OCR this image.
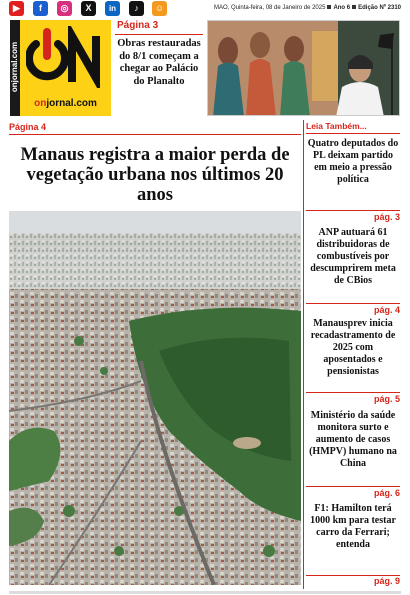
▶	f	◎	X	in	♪	☺	MAO, Quinta-feira, 08 de Janeiro de 2025 Ano 6 Edição Nº 2310
onjornal.com
onjornal.com
Página 3
Obras restauradas do 8/1 começam a chegar ao Palácio do Planalto
Página 4
Manaus registra a maior perda de vegetação urbana nos últimos 20 anos
Leia Também...
Quatro deputados do PL deixam partido em meio a pressão política
pág. 3
ANP autuará 61 distribuidoras de combustíveis por descumprirem meta de CBios
pág. 4
Manausprev inicia recadastramento de 2025 com aposentados e pensionistas
pág. 5
Ministério da saúde monitora surto e aumento de casos (HMPV) humano na China
pág. 6
F1: Hamilton terá 1000 km para testar carro da Ferrari; entenda
pág. 9
